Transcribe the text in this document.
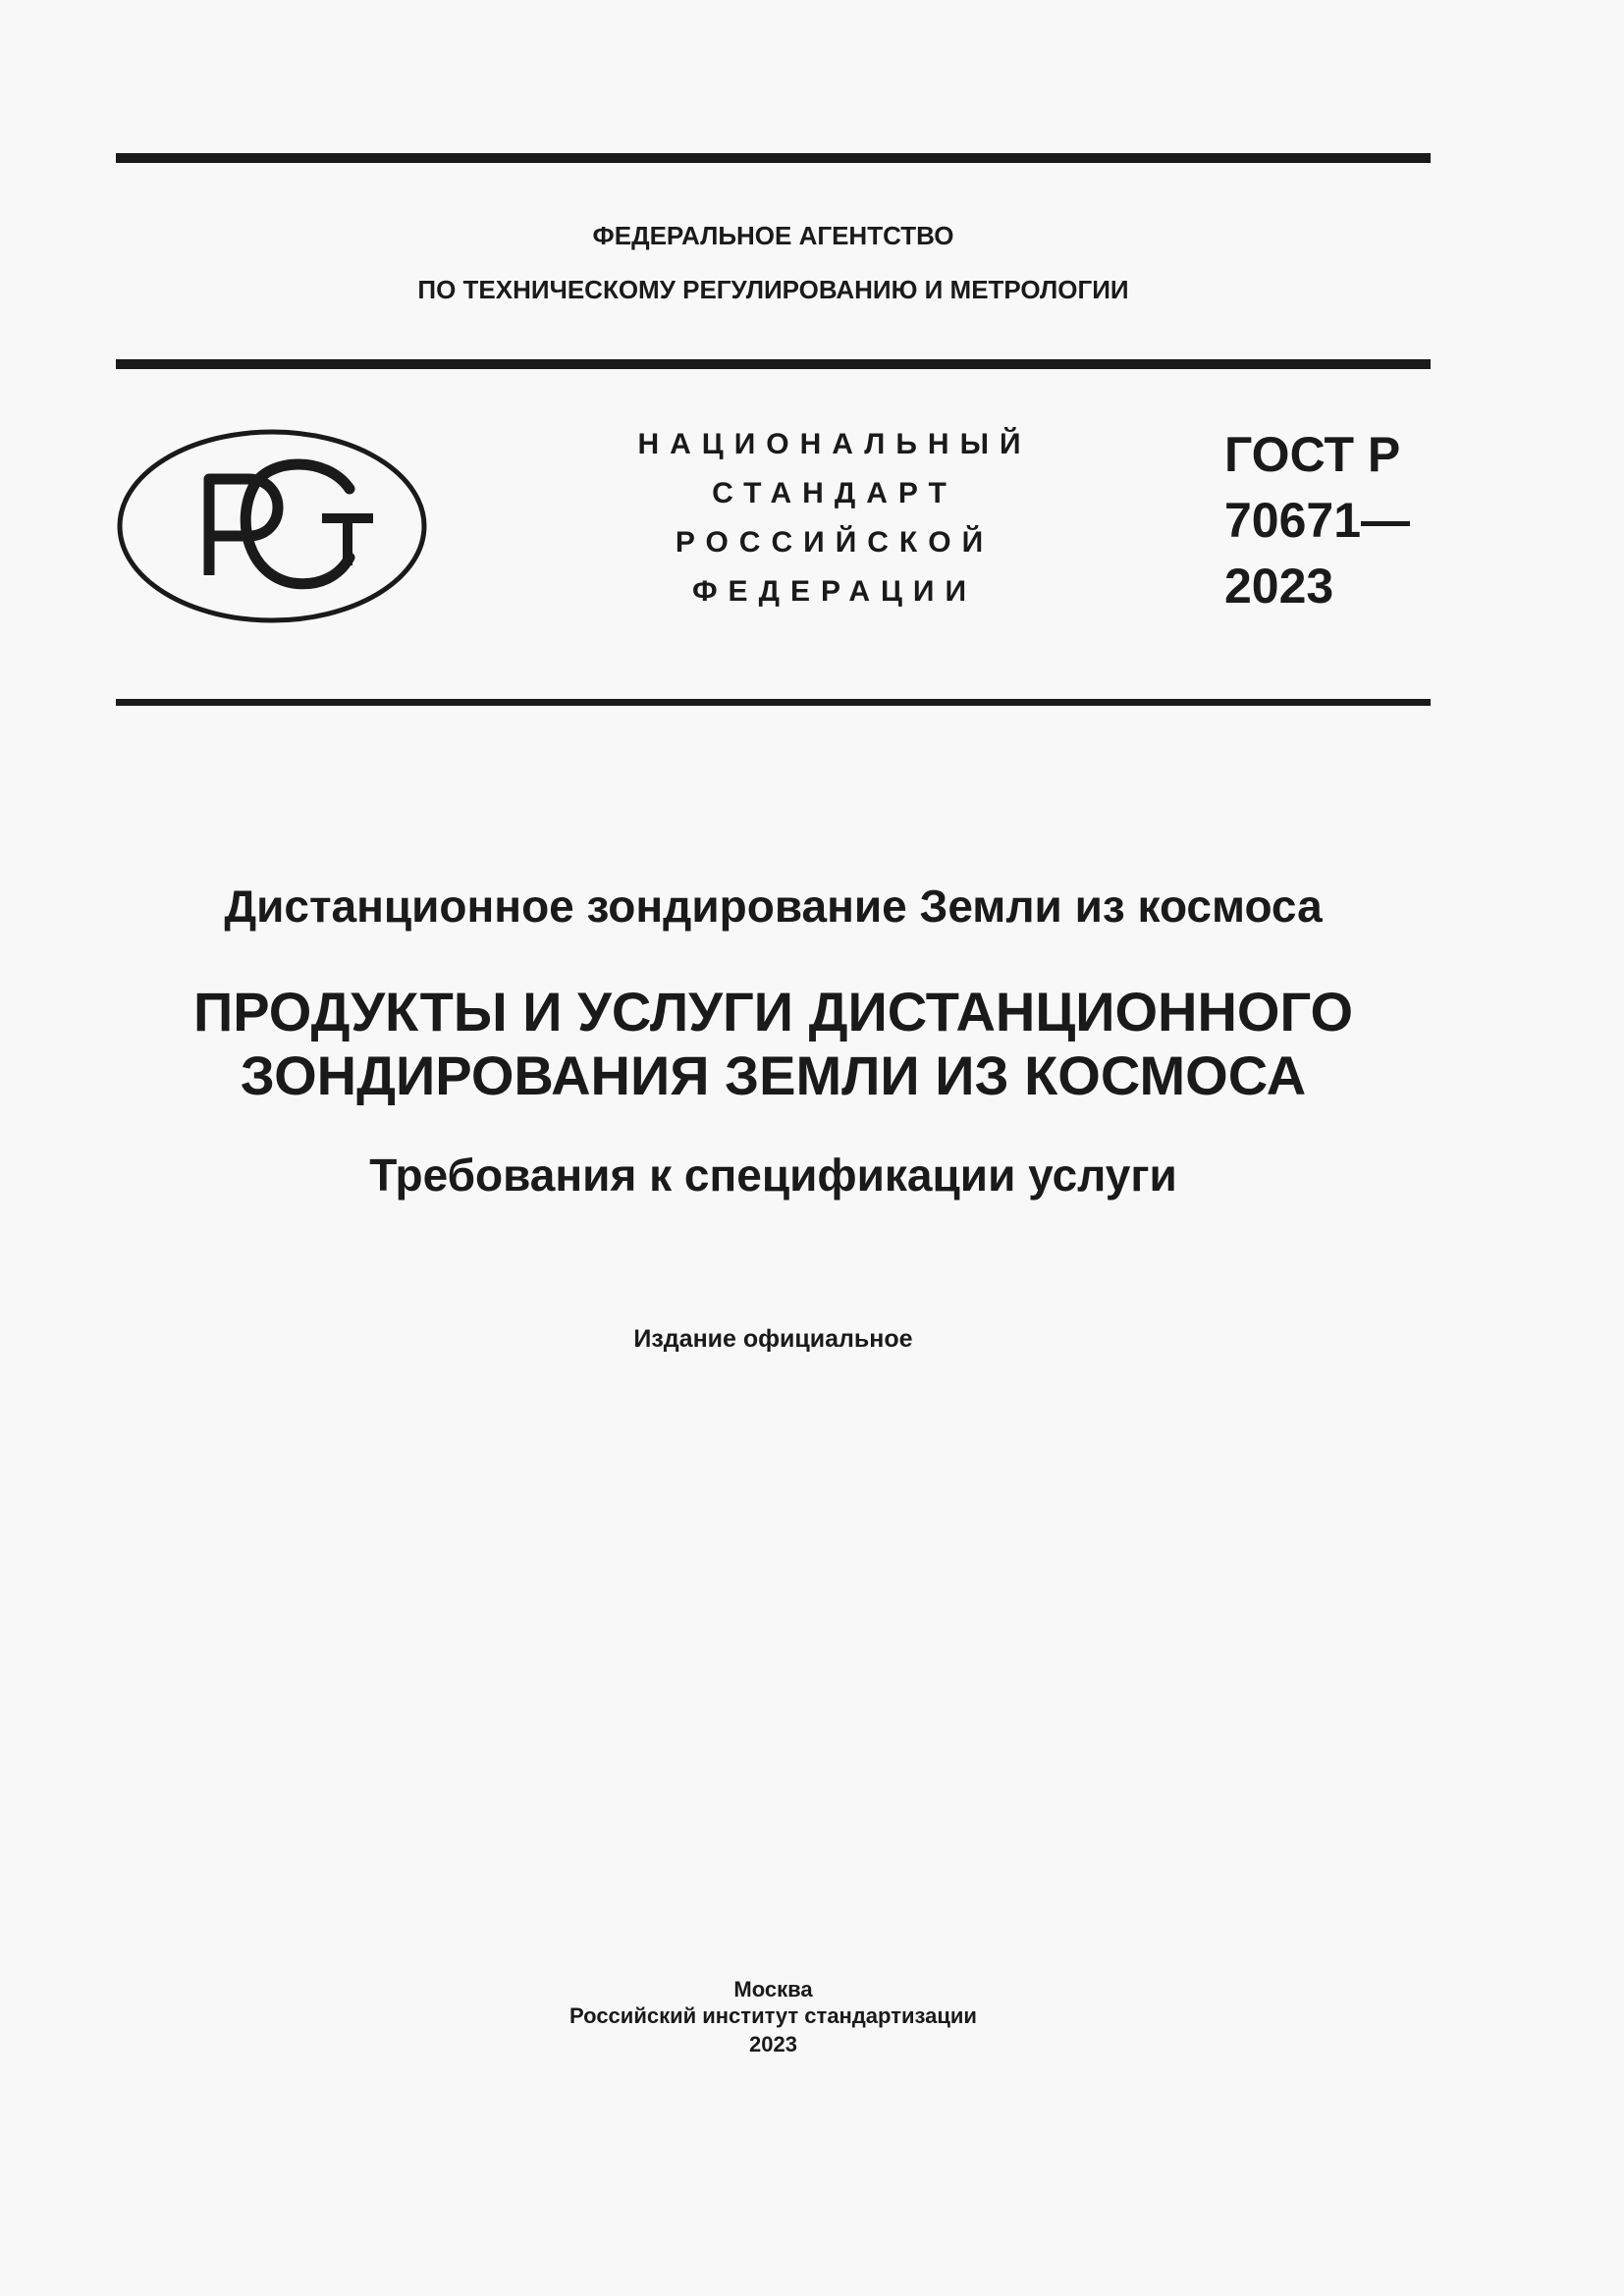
ФЕДЕРАЛЬНОЕ АГЕНТСТВО
ПО ТЕХНИЧЕСКОМУ РЕГУЛИРОВАНИЮ И МЕТРОЛОГИИ
НАЦИОНАЛЬНЫЙ
СТАНДАРТ
РОССИЙСКОЙ
ФЕДЕРАЦИИ
ГОСТ Р
70671—
2023
Дистанционное зондирование Земли из космоса
ПРОДУКТЫ И УСЛУГИ ДИСТАНЦИОННОГО
ЗОНДИРОВАНИЯ ЗЕМЛИ ИЗ КОСМОСА
Требования к спецификации услуги
Издание официальное
Москва
Российский институт стандартизации
2023
